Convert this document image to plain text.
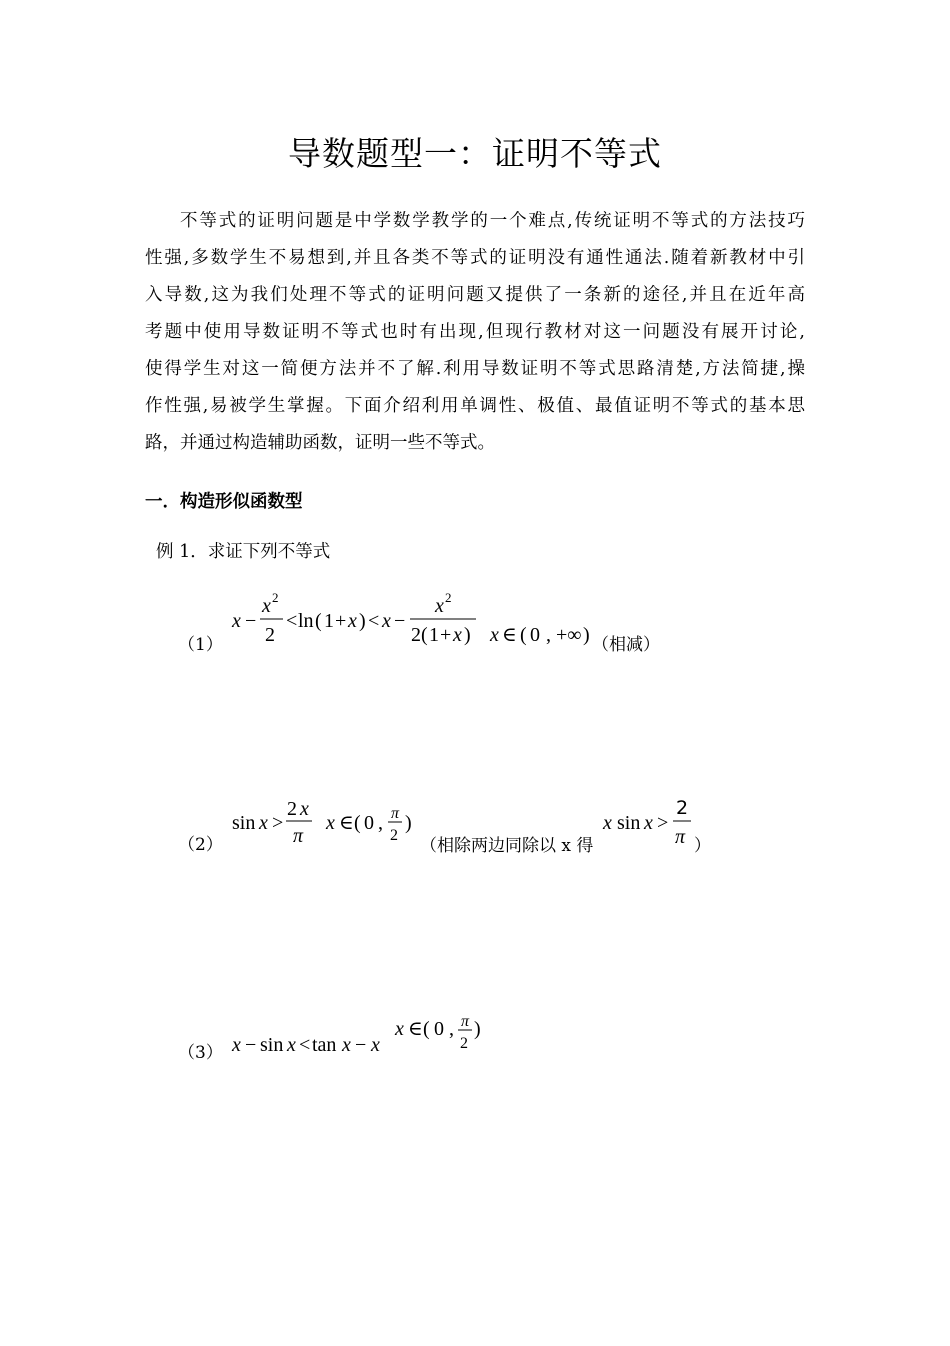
导数题型一：证明不等式
不等式的证明问题是中学数学教学的一个难点,传统证明不等式的方法技巧
性强,多数学生不易想到,并且各类不等式的证明没有通性通法.随着新教材中引
入导数,这为我们处理不等式的证明问题又提供了一条新的途径,并且在近年高
考题中使用导数证明不等式也时有出现,但现行教材对这一问题没有展开讨论,
使得学生对这一简便方法并不了解.利用导数证明不等式思路清楚,方法简捷,操
作性强,易被学生掌握。下面介绍利用单调性、极值、最值证明不等式的基本思
路，并通过构造辅助函数，证明一些不等式。
一．构造形似函数型
例 1．求证下列不等式
（1）
x −
x 2
2
< ln ( 1 + x ) < x −
x 2
2 ( 1 + x ) x ∈ ( 0 , +∞ ) （相减）
（2）
sin x >
2 x
π
x ∈ ( 0 , π
2
)
（相除两边同除以 x 得
x sin x >
2
π ）
（3） x − sin x < tan x − x
x ∈ ( 0 , π
2
)
